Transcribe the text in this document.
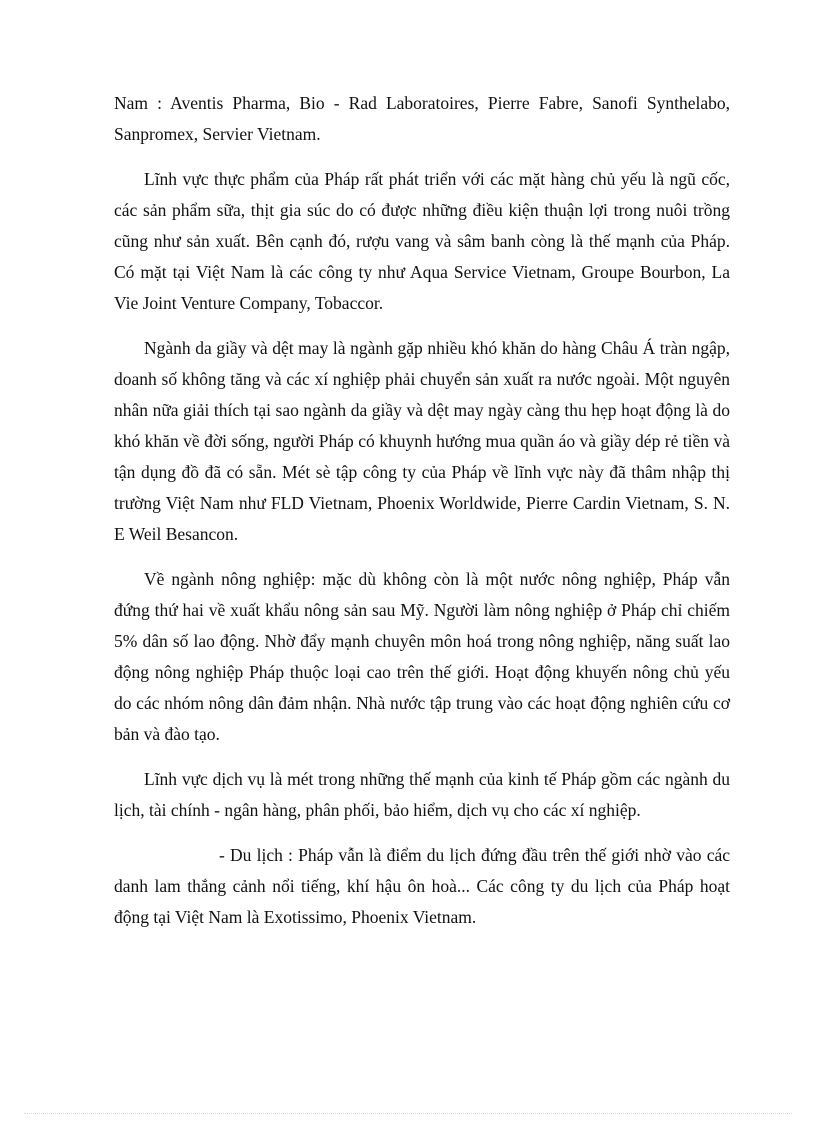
Nam : Aventis Pharma, Bio - Rad Laboratoires, Pierre Fabre, Sanofi Synthelabo, Sanpromex, Servier Vietnam.

Lĩnh vực thực phẩm của Pháp rất phát triển với các mặt hàng chủ yếu là ngũ cốc, các sản phẩm sữa, thịt gia súc do có được những điều kiện thuận lợi trong nuôi trồng cũng như sản xuất. Bên cạnh đó, rượu vang và sâm banh còng là thế mạnh của Pháp. Có mặt tại Việt Nam là các công ty như Aqua Service Vietnam, Groupe Bourbon, La Vie Joint Venture Company, Tobaccor.

Ngành da giầy và dệt may là ngành gặp nhiều khó khăn do hàng Châu Á tràn ngập, doanh số không tăng và các xí nghiệp phải chuyển sản xuất ra nước ngoài. Một nguyên nhân nữa giải thích tại sao ngành da giầy và dệt may ngày càng thu hẹp hoạt động là do khó khăn về đời sống, người Pháp có khuynh hướng mua quần áo và giầy dép rẻ tiền và tận dụng đồ đã có sẵn. Mét sè tập công ty của Pháp về lĩnh vực này đã thâm nhập thị trường Việt Nam như FLD Vietnam, Phoenix Worldwide, Pierre Cardin Vietnam, S. N. E Weil Besancon.

Về ngành nông nghiệp: mặc dù không còn là một nước nông nghiệp, Pháp vẫn đứng thứ hai về xuất khẩu nông sản sau Mỹ. Người làm nông nghiệp ở Pháp chỉ chiếm 5% dân số lao động. Nhờ đẩy mạnh chuyên môn hoá trong nông nghiệp, năng suất lao động nông nghiệp Pháp thuộc loại cao trên thế giới. Hoạt động khuyến nông chủ yếu do các nhóm nông dân đảm nhận. Nhà nước tập trung vào các hoạt động nghiên cứu cơ bản và đào tạo.

Lĩnh vực dịch vụ là mét trong những thế mạnh của kinh tế Pháp gồm các ngành du lịch, tài chính - ngân hàng, phân phối, bảo hiểm, dịch vụ cho các xí nghiệp.

- Du lịch : Pháp vẫn là điểm du lịch đứng đầu trên thế giới nhờ vào các danh lam thắng cảnh nổi tiếng, khí hậu ôn hoà... Các công ty du lịch của Pháp hoạt động tại Việt Nam là Exotissimo, Phoenix Vietnam.
